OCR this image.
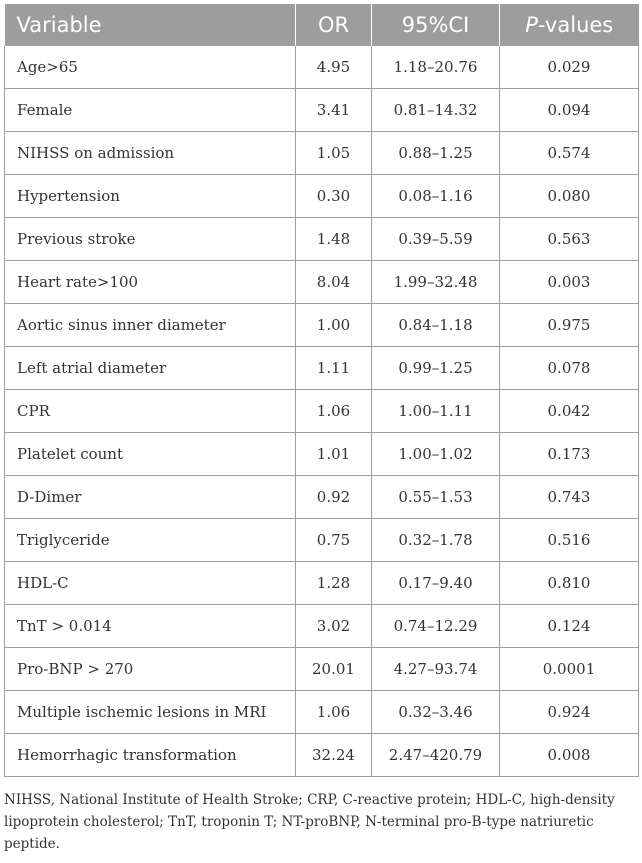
Variable	OR	95%CI	P-values
Age>65	4.95	1.18–20.76	0.029
Female	3.41	0.81–14.32	0.094
NIHSS on admission	1.05	0.88–1.25	0.574
Hypertension	0.30	0.08–1.16	0.080
Previous stroke	1.48	0.39–5.59	0.563
Heart rate>100	8.04	1.99–32.48	0.003
Aortic sinus inner diameter	1.00	0.84–1.18	0.975
Left atrial diameter	1.11	0.99–1.25	0.078
CPR	1.06	1.00–1.11	0.042
Platelet count	1.01	1.00–1.02	0.173
D-Dimer	0.92	0.55–1.53	0.743
Triglyceride	0.75	0.32–1.78	0.516
HDL-C	1.28	0.17–9.40	0.810
TnT > 0.014	3.02	0.74–12.29	0.124
Pro-BNP > 270	20.01	4.27–93.74	0.0001
Multiple ischemic lesions in MRI	1.06	0.32–3.46	0.924
Hemorrhagic transformation	32.24	2.47–420.79	0.008
NIHSS, National Institute of Health Stroke; CRP, C-reactive protein; HDL-C, high-density lipoprotein cholesterol; TnT, troponin T; NT-proBNP, N-terminal pro-B-type natriuretic peptide.
